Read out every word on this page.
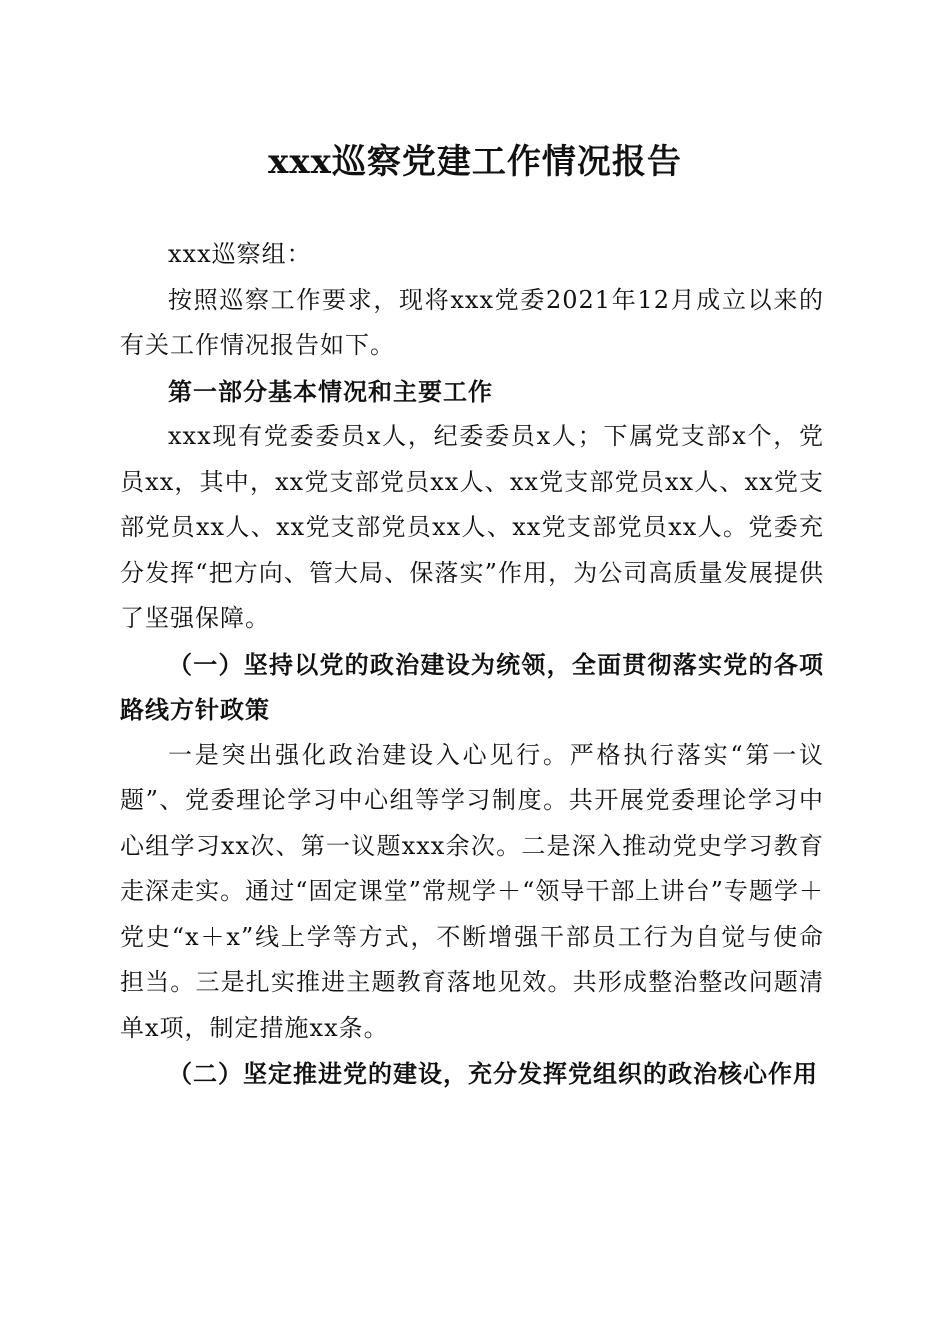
xxx巡察党建工作情况报告

xxx巡察组：

按照巡察工作要求，现将xxx党委2021年12月成立以来的有关工作情况报告如下。

第一部分基本情况和主要工作

xxx现有党委委员x人，纪委委员x人；下属党支部x个，党员xx，其中，xx党支部党员xx人、xx党支部党员xx人、xx党支部党员xx人、xx党支部党员xx人、xx党支部党员xx人。党委充分发挥“把方向、管大局、保落实”作用，为公司高质量发展提供了坚强保障。

（一）坚持以党的政治建设为统领，全面贯彻落实党的各项路线方针政策

一是突出强化政治建设入心见行。严格执行落实“第一议题”、党委理论学习中心组等学习制度。共开展党委理论学习中心组学习xx次、第一议题xxx余次。二是深入推动党史学习教育走深走实。通过“固定课堂”常规学＋“领导干部上讲台”专题学＋党史“x＋x”线上学等方式，不断增强干部员工行为自觉与使命担当。三是扎实推进主题教育落地见效。共形成整治整改问题清单x项，制定措施xx条。

（二）坚定推进党的建设，充分发挥党组织的政治核心作用
